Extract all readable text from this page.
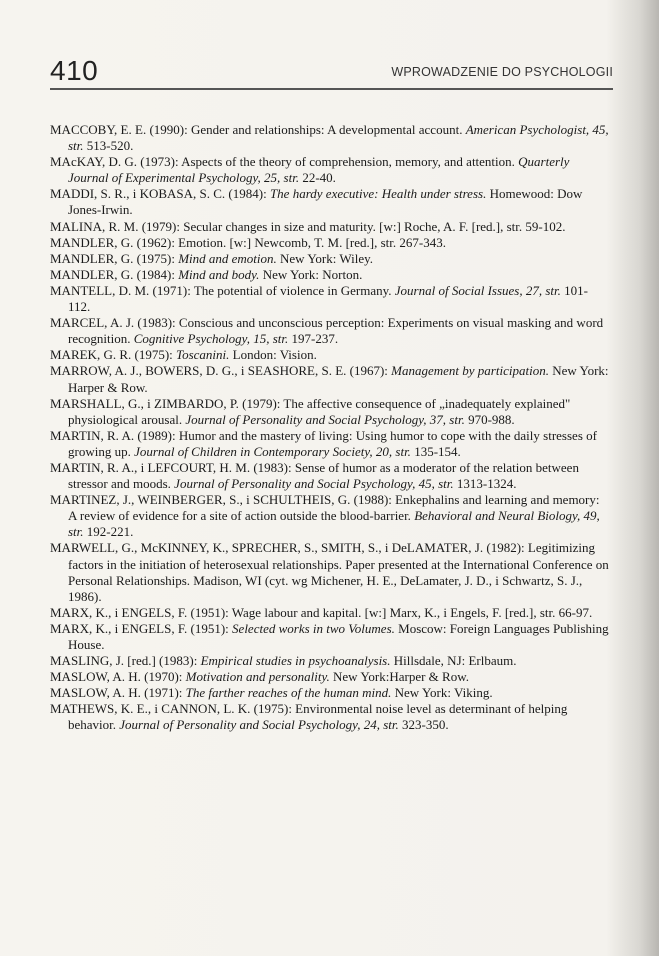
410	WPROWADZENIE DO PSYCHOLOGII

MACCOBY, E. E. (1990): Gender and relationships: A developmental account. American Psychologist, 45, str. 513-520.

MAcKAY, D. G. (1973): Aspects of the theory of comprehension, memory, and attention. Quarterly Journal of Experimental Psychology, 25, str. 22-40.

MADDI, S. R., i KOBASA, S. C. (1984): The hardy executive: Health under stress. Homewood: Dow Jones-Irwin.

MALINA, R. M. (1979): Secular changes in size and maturity. [w:] Roche, A. F. [red.], str. 59-102.

MANDLER, G. (1962): Emotion. [w:] Newcomb, T. M. [red.], str. 267-343.

MANDLER, G. (1975): Mind and emotion. New York: Wiley.

MANDLER, G. (1984): Mind and body. New York: Norton.

MANTELL, D. M. (1971): The potential of violence in Germany. Journal of Social Issues, 27, str. 101-112.

MARCEL, A. J. (1983): Conscious and unconscious perception: Experiments on visual masking and word recognition. Cognitive Psychology, 15, str. 197-237.

MAREK, G. R. (1975): Toscanini. London: Vision.

MARROW, A. J., BOWERS, D. G., i SEASHORE, S. E. (1967): Management by participation. New York: Harper & Row.

MARSHALL, G., i ZIMBARDO, P. (1979): The affective consequence of „inadequately explained" physiological arousal. Journal of Personality and Social Psychology, 37, str. 970-988.

MARTIN, R. A. (1989): Humor and the mastery of living: Using humor to cope with the daily stresses of growing up. Journal of Children in Contemporary Society, 20, str. 135-154.

MARTIN, R. A., i LEFCOURT, H. M. (1983): Sense of humor as a moderator of the relation between stressor and moods. Journal of Personality and Social Psychology, 45, str. 1313-1324.

MARTINEZ, J., WEINBERGER, S., i SCHULTHEIS, G. (1988): Enkephalins and learning and memory: A review of evidence for a site of action outside the blood-barrier. Behavioral and Neural Biology, 49, str. 192-221.

MARWELL, G., McKINNEY, K., SPRECHER, S., SMITH, S., i DeLAMATER, J. (1982): Legitimizing factors in the initiation of heterosexual relationships. Paper presented at the International Conference on Personal Relationships. Madison, WI (cyt. wg Michener, H. E., DeLamater, J. D., i Schwartz, S. J., 1986).

MARX, K., i ENGELS, F. (1951): Wage labour and kapital. [w:] Marx, K., i Engels, F. [red.], str. 66-97.

MARX, K., i ENGELS, F. (1951): Selected works in two Volumes. Moscow: Foreign Languages Publishing House.

MASLING, J. [red.] (1983): Empirical studies in psychoanalysis. Hillsdale, NJ: Erlbaum.

MASLOW, A. H. (1970): Motivation and personality. New York:Harper & Row.

MASLOW, A. H. (1971): The farther reaches of the human mind. New York: Viking.

MATHEWS, K. E., i CANNON, L. K. (1975): Environmental noise level as determinant of helping behavior. Journal of Personality and Social Psychology, 24, str. 323-350.
